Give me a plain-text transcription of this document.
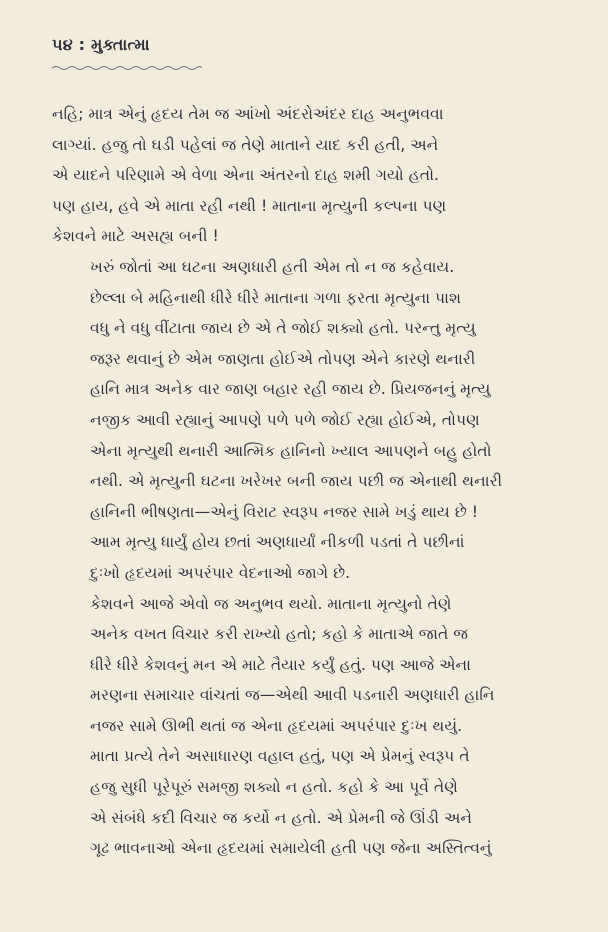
૫૪ : મુક્તાત્મા

નહિ; માત્ર એનું હૃદય તેમ જ આંખો અંદરોઅંદર દાહ અનુભવવા
લાગ્યાં. હજુ તો ઘડી પહેલાં જ તેણે માતાને યાદ કરી હતી, અને
એ યાદને પરિણામે એ વેળા એના અંતરનો દાહ શમી ગયો હતો.
પણ હાય, હવે એ માતા રહી નથી ! માતાના મૃત્યુની કલ્પના પણ
કેશવને માટે અસહ્ય બની !

ખરું જોતાં આ ઘટના અણધારી હતી એમ તો ન જ કહેવાય.
છેલ્લા બે મહિનાથી ધીરે ધીરે માતાના ગળા ફરતા મૃત્યુના પાશ
વધુ ને વધુ વીંટાતા જાય છે એ તે જોઈ શક્યો હતો. પરન્તુ મૃત્યુ
જરૂર થવાનું છે એમ જાણતા હોઈએ તોપણ એને કારણે થનારી
હાનિ માત્ર અનેક વાર જાણ બહાર રહી જાય છે. પ્રિયજનનું મૃત્યુ
નજીક આવી રહ્યાનું આપણે પળે પળે જોઈ રહ્યા હોઈએ, તોપણ
એના મૃત્યુથી થનારી આત્મિક હાનિનો ખ્યાલ આપણને બહુ હોતો
નથી. એ મૃત્યુની ઘટના ખરેખર બની જાય પછી જ એનાથી થનારી
હાનિની ભીષણતા—એનું વિરાટ સ્વરૂપ નજર સામે ખડું થાય છે !
આમ મૃત્યુ ધાર્યું હોય છતાં અણધાર્યાં નીકળી પડતાં તે પછીનાં
દુઃખો હૃદયમાં અપરંપાર વેદનાઓ જાગે છે.

કેશવને આજે એવો જ અનુભવ થયો. માતાના મૃત્યુનો તેણે
અનેક વખત વિચાર કરી રાખ્યો હતો; કહો કે માતાએ જાતે જ
ધીરે ધીરે કેશવનું મન એ માટે તૈયાર કર્યું હતું. પણ આજે એના
મરણના સમાચાર વાંચતાં જ—એથી આવી પડનારી અણધારી હાનિ
નજર સામે ઊભી થતાં જ એના હૃદયમાં અપરંપાર દુઃખ થયું.
માતા પ્રત્યે તેને અસાધારણ વહાલ હતું, પણ એ પ્રેમનું સ્વરૂપ તે
હજુ સુધી પૂરેપૂરું સમજી શક્યો ન હતો. કહો કે આ પૂર્વે તેણે
એ સંબંધે કદી વિચાર જ કર્યો ન હતો. એ પ્રેમની જે ઊંડી અને
ગૂઢ ભાવનાઓ એના હૃદયમાં સમાયેલી હતી પણ જેના અસ્તિત્વનું
